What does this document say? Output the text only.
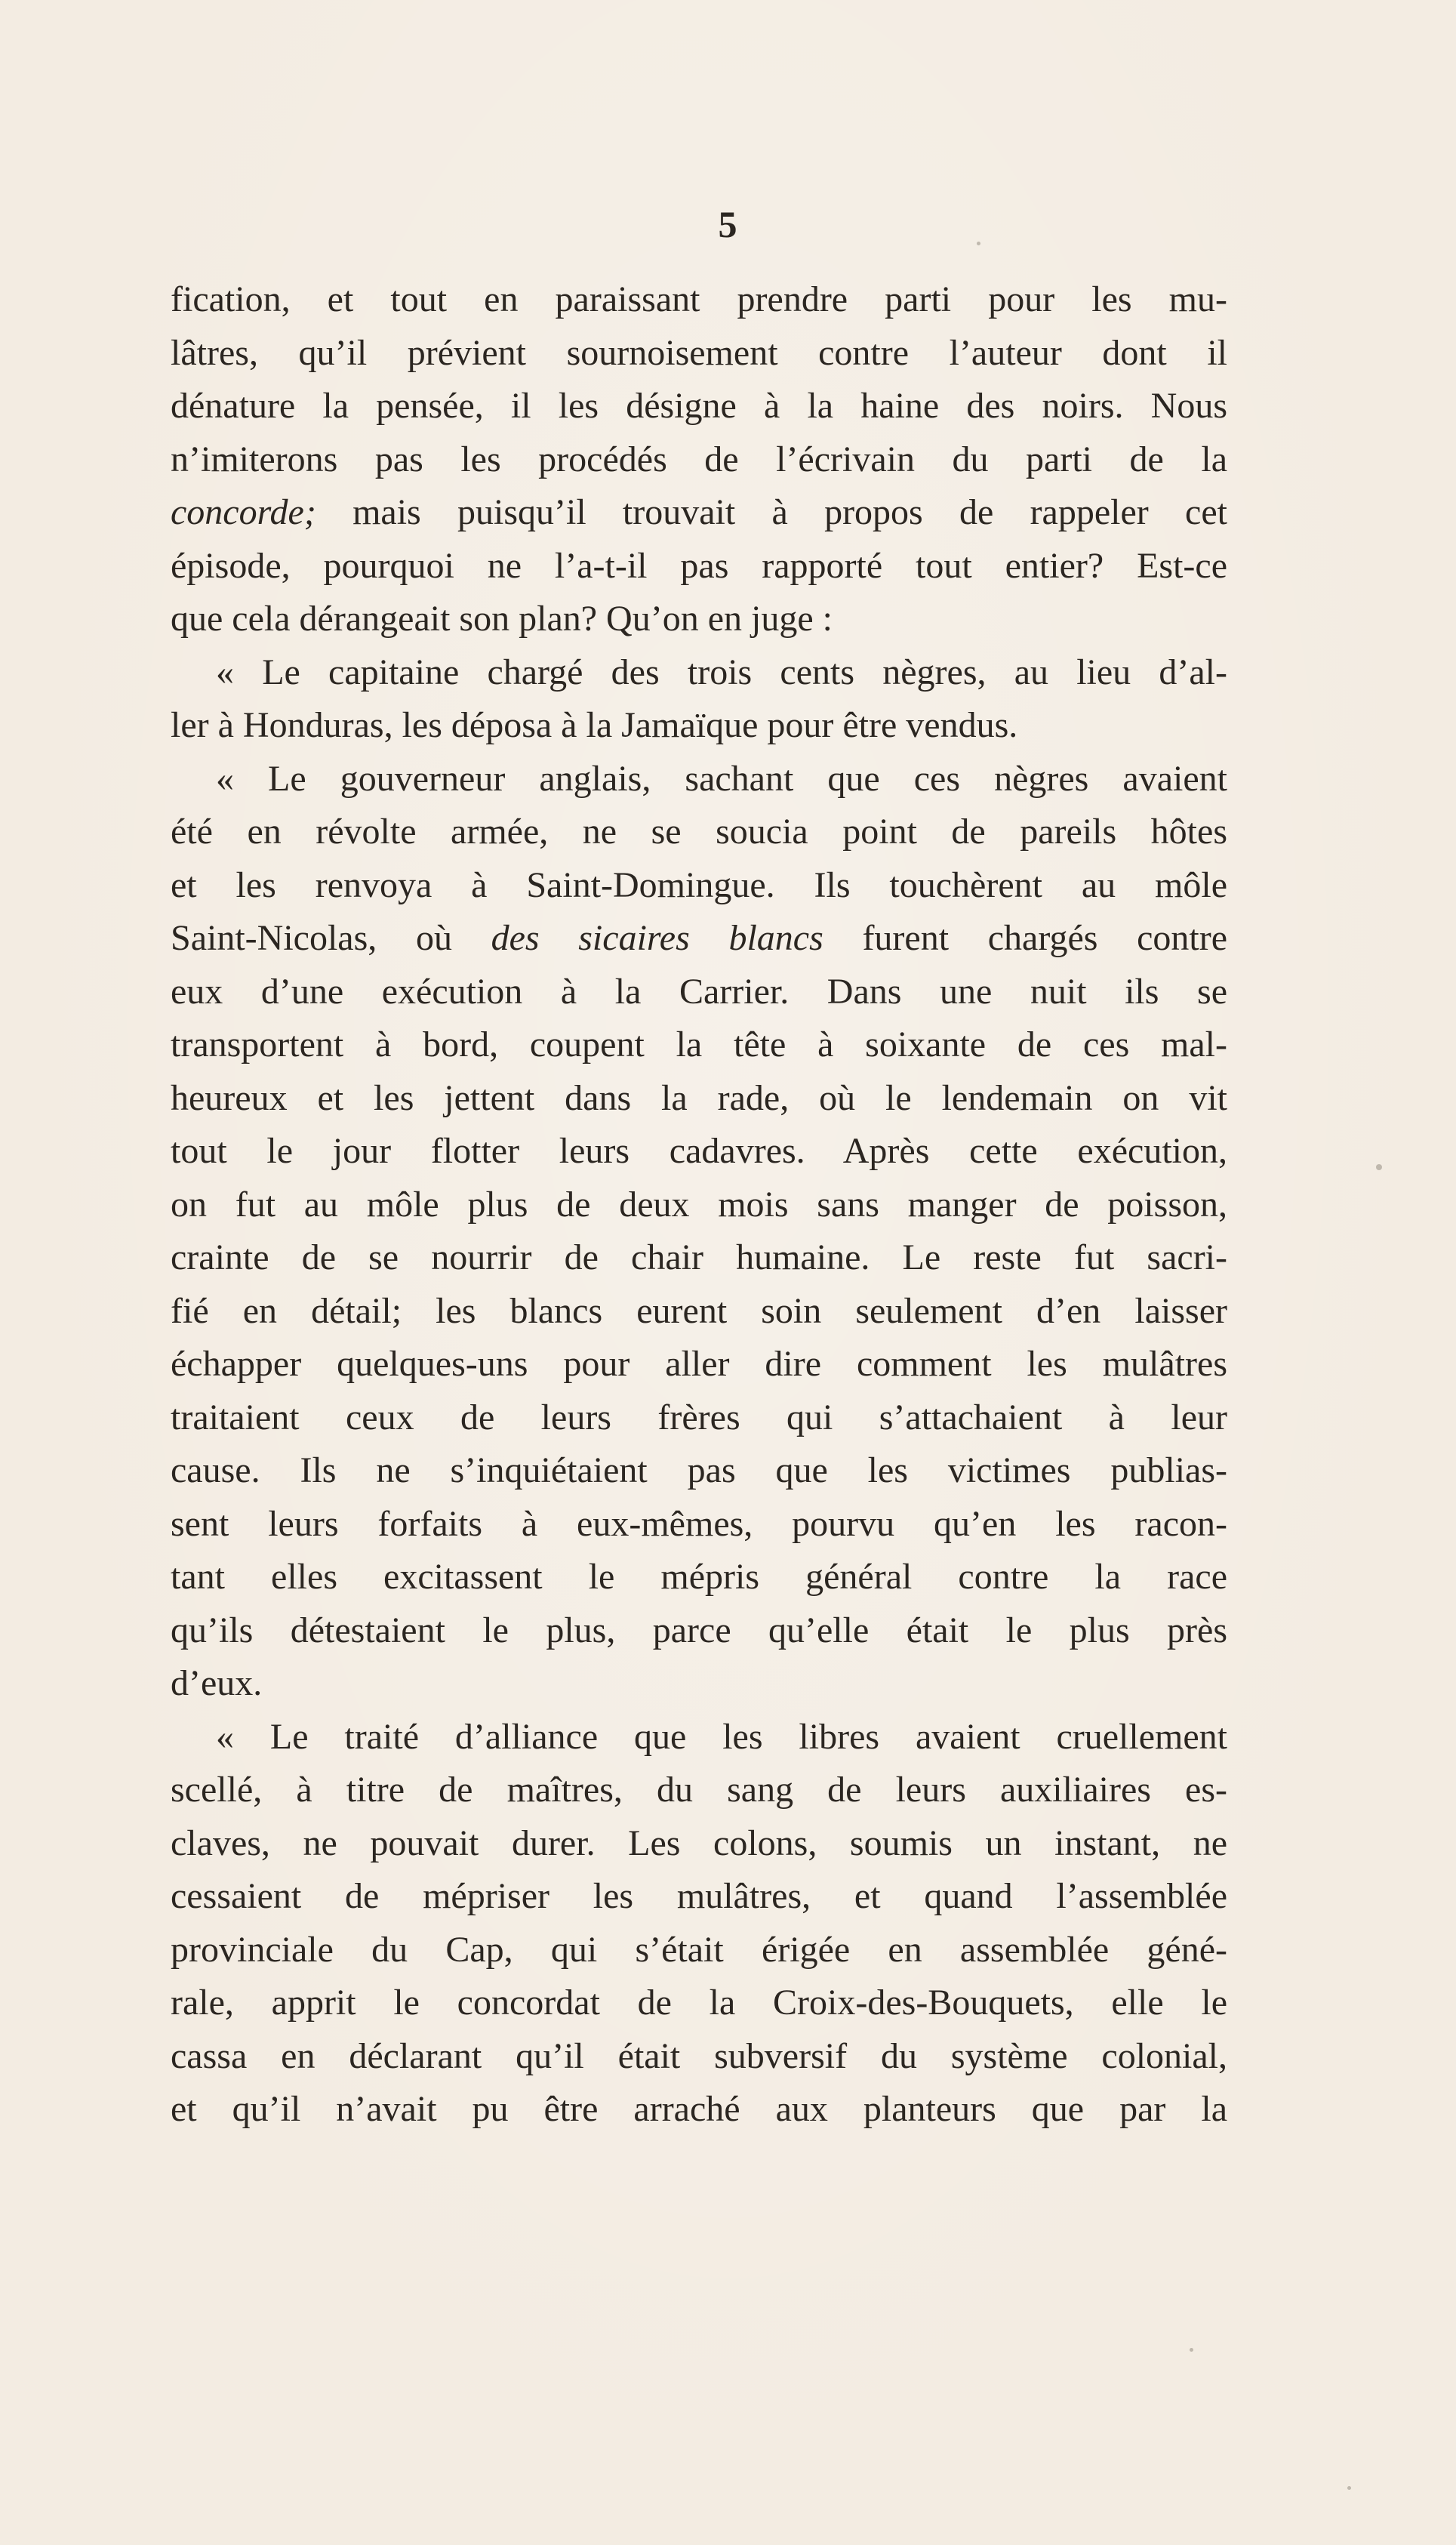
5
fication, et tout en paraissant prendre parti pour les mu-
lâtres, qu’il prévient sournoisement contre l’auteur dont il
dénature la pensée, il les désigne à la haine des noirs. Nous
n’imiterons pas les procédés de l’écrivain du parti de la
concorde; mais puisqu’il trouvait à propos de rappeler cet
épisode, pourquoi ne l’a-t-il pas rapporté tout entier? Est-ce
que cela dérangeait son plan? Qu’on en juge :
« Le capitaine chargé des trois cents nègres, au lieu d’al-
ler à Honduras, les déposa à la Jamaïque pour être vendus.
« Le gouverneur anglais, sachant que ces nègres avaient
été en révolte armée, ne se soucia point de pareils hôtes
et les renvoya à Saint-Domingue. Ils touchèrent au môle
Saint-Nicolas, où des sicaires blancs furent chargés contre
eux d’une exécution à la Carrier. Dans une nuit ils se
transportent à bord, coupent la tête à soixante de ces mal-
heureux et les jettent dans la rade, où le lendemain on vit
tout le jour flotter leurs cadavres. Après cette exécution,
on fut au môle plus de deux mois sans manger de poisson,
crainte de se nourrir de chair humaine. Le reste fut sacri-
fié en détail; les blancs eurent soin seulement d’en laisser
échapper quelques-uns pour aller dire comment les mulâtres
traitaient ceux de leurs frères qui s’attachaient à leur
cause. Ils ne s’inquiétaient pas que les victimes publias-
sent leurs forfaits à eux-mêmes, pourvu qu’en les racon-
tant elles excitassent le mépris général contre la race
qu’ils détestaient le plus, parce qu’elle était le plus près
d’eux.
« Le traité d’alliance que les libres avaient cruellement
scellé, à titre de maîtres, du sang de leurs auxiliaires es-
claves, ne pouvait durer. Les colons, soumis un instant, ne
cessaient de mépriser les mulâtres, et quand l’assemblée
provinciale du Cap, qui s’était érigée en assemblée géné-
rale, apprit le concordat de la Croix-des-Bouquets, elle le
cassa en déclarant qu’il était subversif du système colonial,
et qu’il n’avait pu être arraché aux planteurs que par la
